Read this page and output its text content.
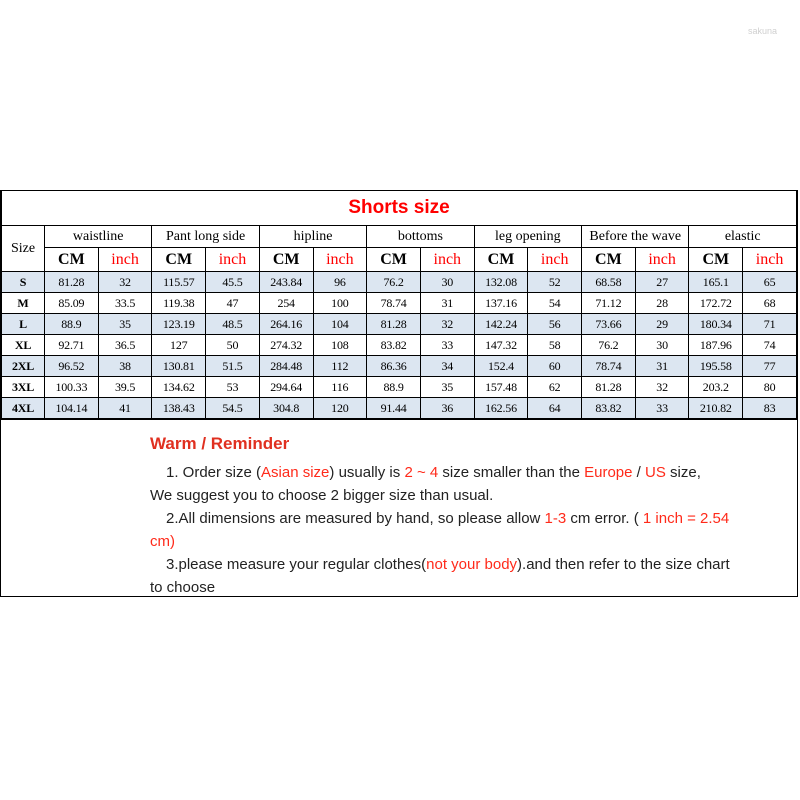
sakuna
Shorts size														
Size	waistline		Pant long side		hipline		bottoms		leg opening		Before the wave		elastic	
	CM	inch	CM	inch	CM	inch	CM	inch	CM	inch	CM	inch	CM	inch
S	81.28	32	115.57	45.5	243.84	96	76.2	30	132.08	52	68.58	27	165.1	65
M	85.09	33.5	119.38	47	254	100	78.74	31	137.16	54	71.12	28	172.72	68
L	88.9	35	123.19	48.5	264.16	104	81.28	32	142.24	56	73.66	29	180.34	71
XL	92.71	36.5	127	50	274.32	108	83.82	33	147.32	58	76.2	30	187.96	74
2XL	96.52	38	130.81	51.5	284.48	112	86.36	34	152.4	60	78.74	31	195.58	77
3XL	100.33	39.5	134.62	53	294.64	116	88.9	35	157.48	62	81.28	32	203.2	80
4XL	104.14	41	138.43	54.5	304.8	120	91.44	36	162.56	64	83.82	33	210.82	83
Warm / Reminder
1. Order size (Asian size) usually is 2 ~ 4 size smaller than the Europe / US size,
We suggest you to choose 2 bigger size than usual.
2.All dimensions are measured by hand, so please allow 1-3 cm error. ( 1 inch = 2.54
cm)
3.please measure your regular clothes(not your body).and then refer to the size chart
to choose
